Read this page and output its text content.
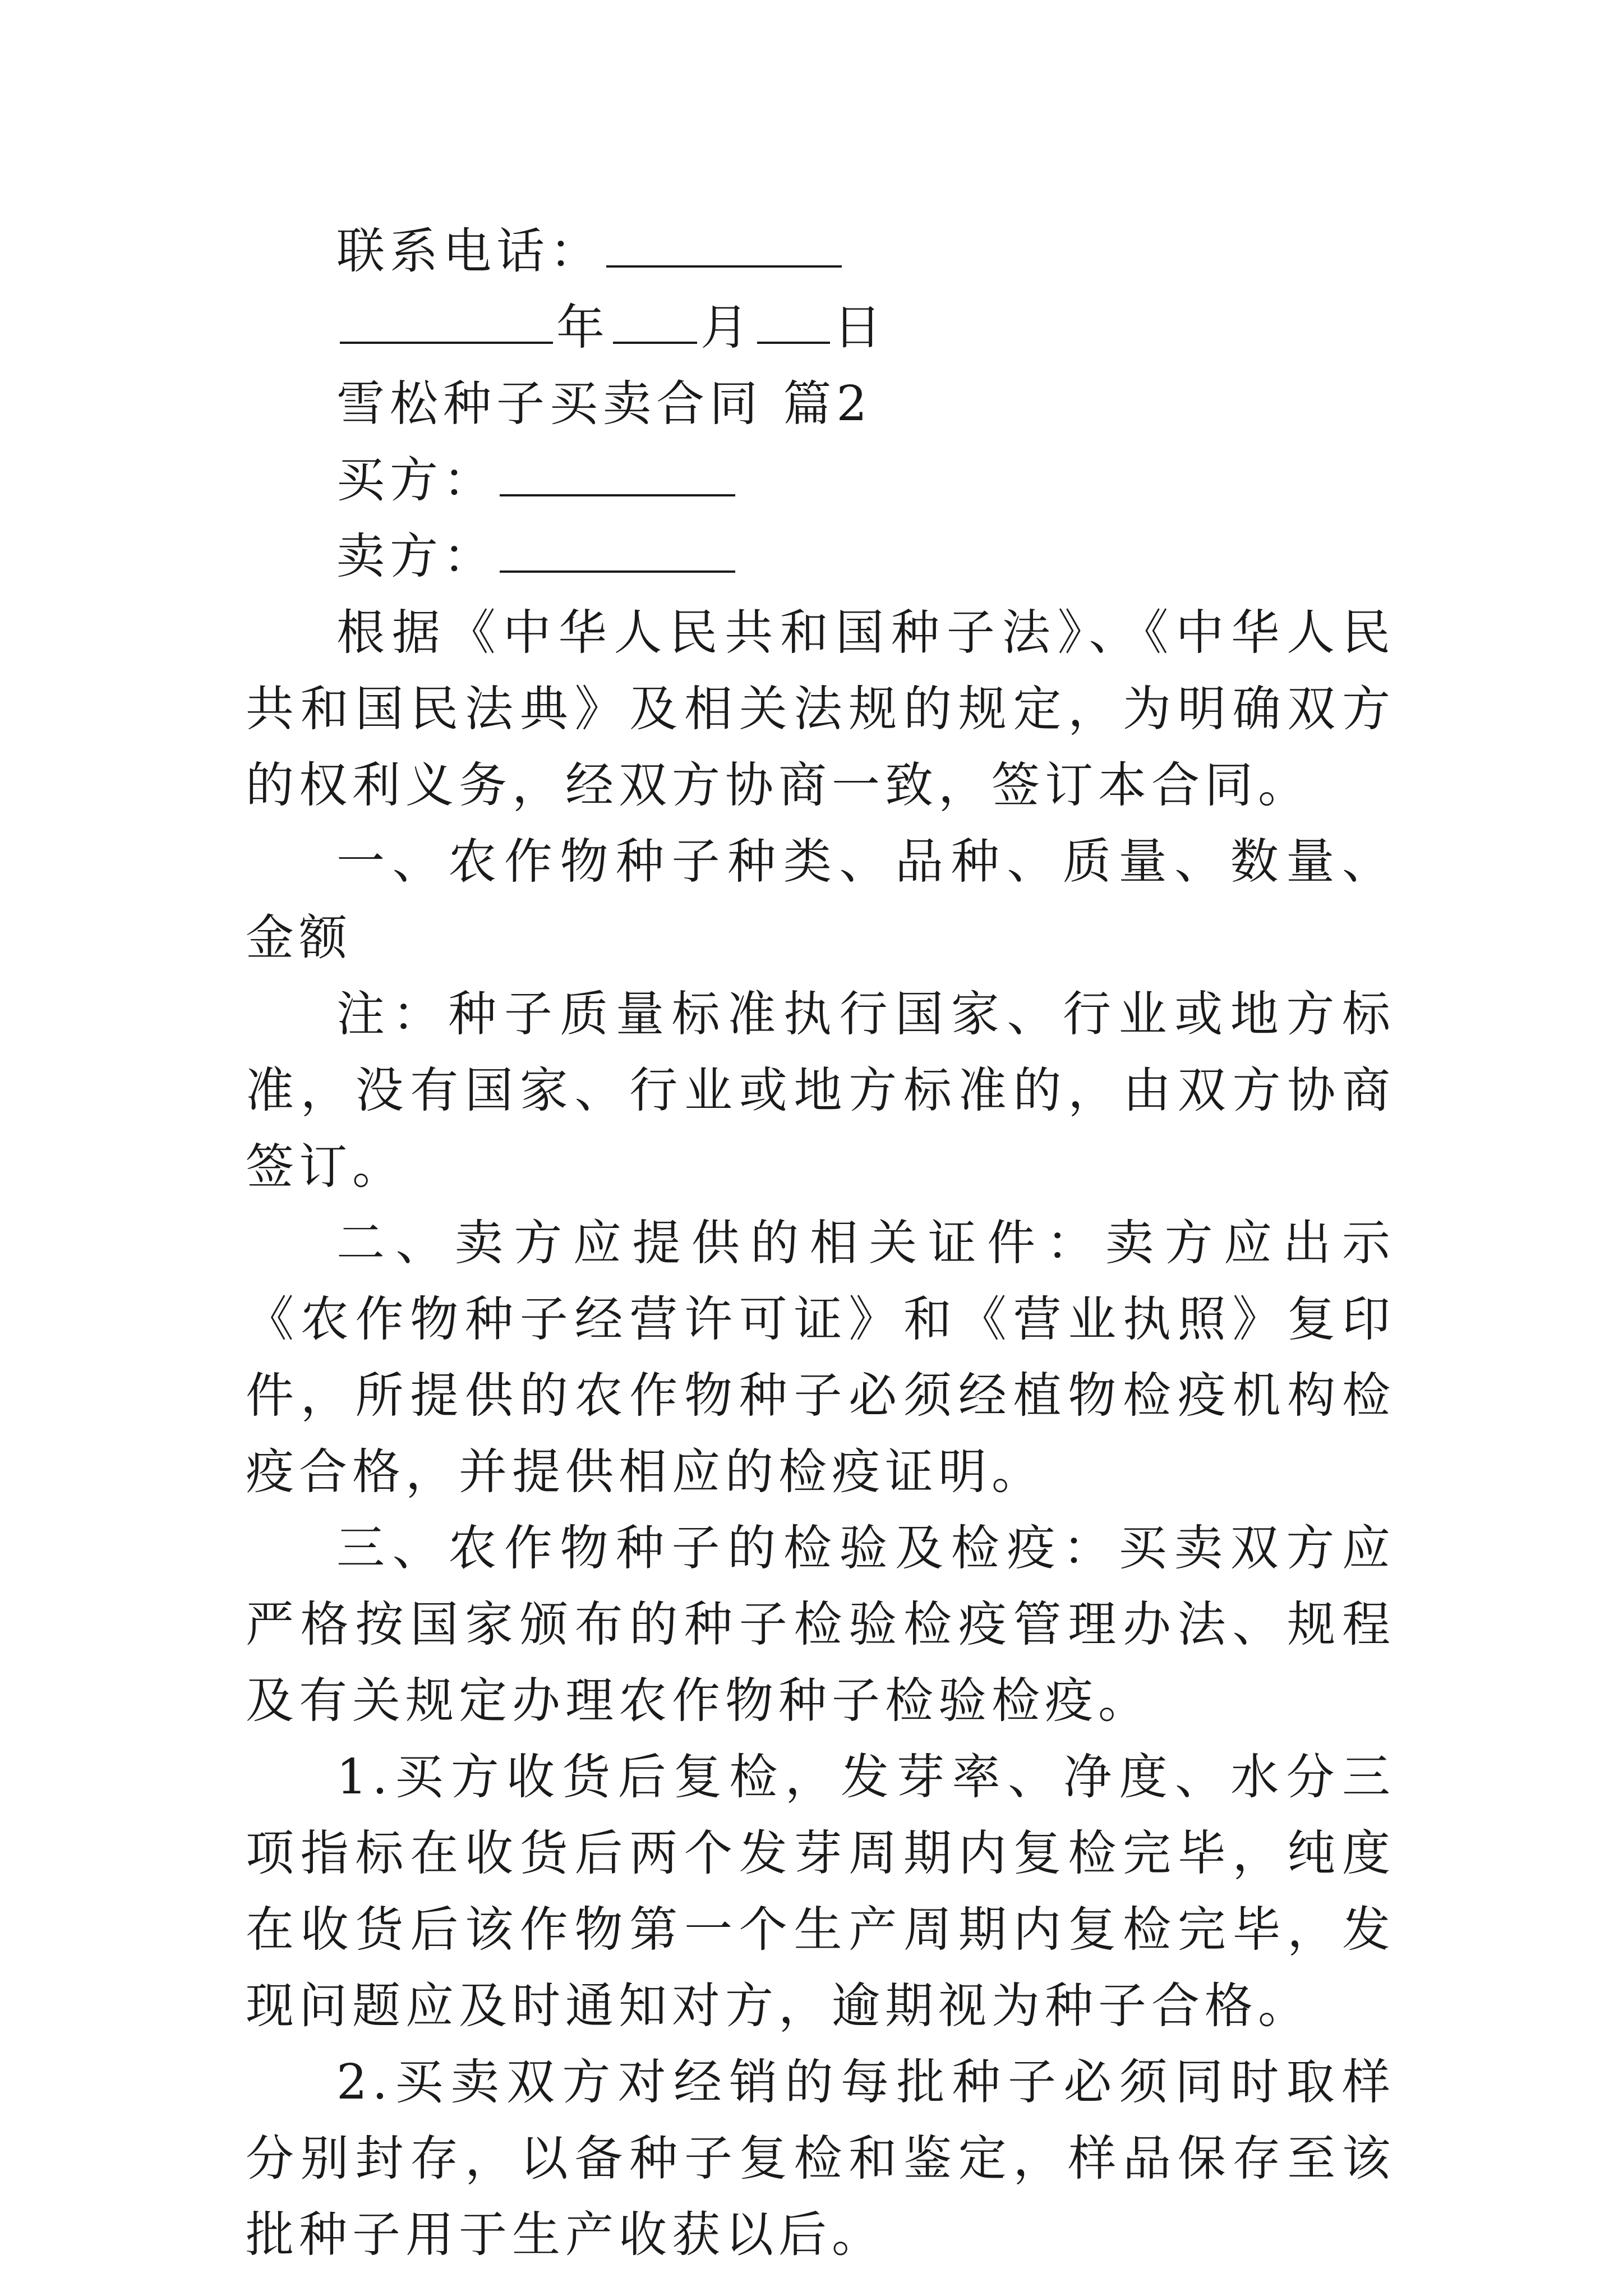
联系电话：
年 月 日
雪松种子买卖合同 篇2
买方：
卖方：
根据《中华人民共和国种子法》、《中华人民共和国民法典》及相关法规的规定，为明确双方的权利义务，经双方协商一致，签订本合同。
一、农作物种子种类、品种、质量、数量、金额
注：种子质量标准执行国家、行业或地方标准，没有国家、行业或地方标准的，由双方协商签订。
二、卖方应提供的相关证件：卖方应出示《农作物种子经营许可证》和《营业执照》复印件，所提供的农作物种子必须经植物检疫机构检疫合格，并提供相应的检疫证明。
三、农作物种子的检验及检疫：买卖双方应严格按国家颁布的种子检验检疫管理办法、规程及有关规定办理农作物种子检验检疫。
1.买方收货后复检，发芽率、净度、水分三项指标在收货后两个发芽周期内复检完毕，纯度在收货后该作物第一个生产周期内复检完毕，发现问题应及时通知对方，逾期视为种子合格。
2.买卖双方对经销的每批种子必须同时取样分别封存，以备种子复检和鉴定，样品保存至该批种子用于生产收获以后。
